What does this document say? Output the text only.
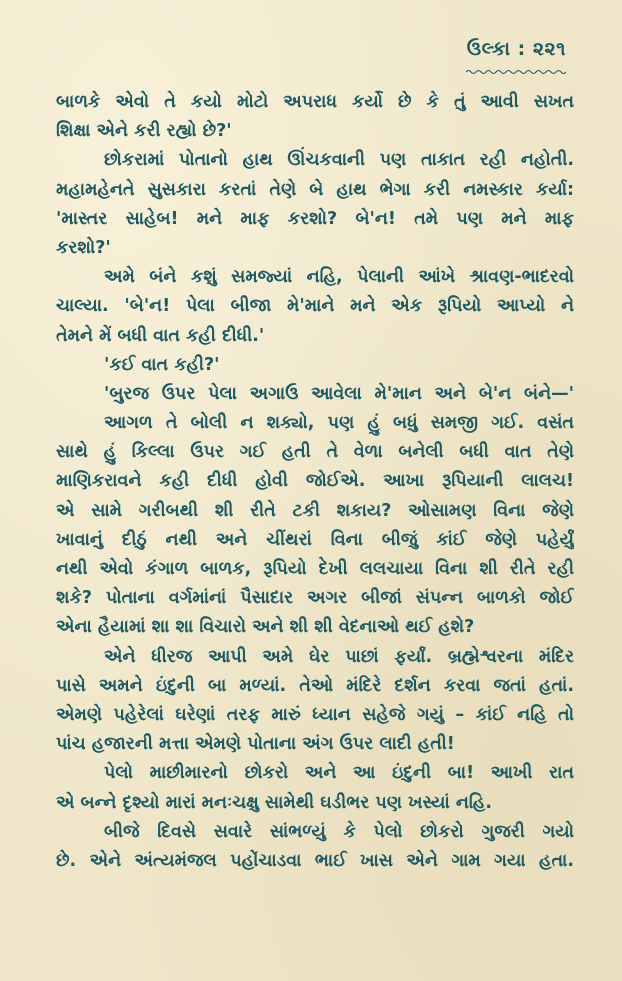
ઉલ્કા : ૨૨૧
બાળકે એવો તે કયો મોટો અપરાધ કર્યો છે કે તું આવી સખત
શિક્ષા એને કરી રહ્યો છે?'
છોકરામાં પોતાનો હાથ ઊંચકવાની પણ તાકાત રહી નહોતી.
મહામહેનતે સુસકારા કરતાં તેણે બે હાથ ભેગા કરી નમસ્કાર કર્યા:
'માસ્તર સાહેબ! મને માફ કરશો? બે'ન! તમે પણ મને માફ
કરશો?'
અમે બંને કશું સમજ્યાં નહિ, પેલાની આંખે શ્રાવણ-ભાદરવો
ચાલ્યા. 'બે'ન! પેલા બીજા મે'માને મને એક રૂપિયો આપ્યો ને
તેમને મેં બધી વાત કહી દીધી.'
'કઈ વાત કહી?'
'બુરજ ઉપર પેલા અગાઉ આવેલા મે'માન અને બે'ન બંને—'
આગળ તે બોલી ન શક્યો, પણ હું બધું સમજી ગઈ. વસંત
સાથે હું કિલ્લા ઉપર ગઈ હતી તે વેળા બનેલી બધી વાત તેણે
માણિકરાવને કહી દીધી હોવી જોઈએ. આખા રૂપિયાની લાલચ!
એ સામે ગરીબથી શી રીતે ટકી શકાય? ઓસામણ વિના જેણે
ખાવાનું દીઠું નથી અને ચીંથરાં વિના બીજું કાંઈ જેણે પહેર્યું
નથી એવો કંગાળ બાળક, રૂપિયો દેખી લલચાયા વિના શી રીતે રહી
શકે? પોતાના વર્ગમાંનાં પૈસાદાર અગર બીજાં સંપન્ન બાળકો જોઈ
એના હૈયામાં શા શા વિચારો અને શી શી વેદનાઓ થઈ હશે?
એને ધીરજ આપી અમે ઘેર પાછાં ફર્યાં. બ્રહ્મેશ્વરના મંદિર
પાસે અમને ઇંદુની બા મળ્યાં. તેઓ મંદિરે દર્શન કરવા જતાં હતાં.
એમણે પહેરેલાં ઘરેણાં તરફ મારું ધ્યાન સહેજે ગયું – કાંઈ નહિ તો
પાંચ હજારની મત્તા એમણે પોતાના અંગ ઉપર લાદી હતી!
પેલો માછીમારનો છોકરો અને આ ઇંદુની બા! આખી રાત
એ બન્ને દૃશ્યો મારાં મનઃચક્ષુ સામેથી ઘડીભર પણ ખસ્યાં નહિ.
બીજે દિવસે સવારે સાંભળ્યું કે પેલો છોકરો ગુજરી ગયો
છે. એને અંત્યમંજલ પહોંચાડવા ભાઈ ખાસ એને ગામ ગયા હતા.
